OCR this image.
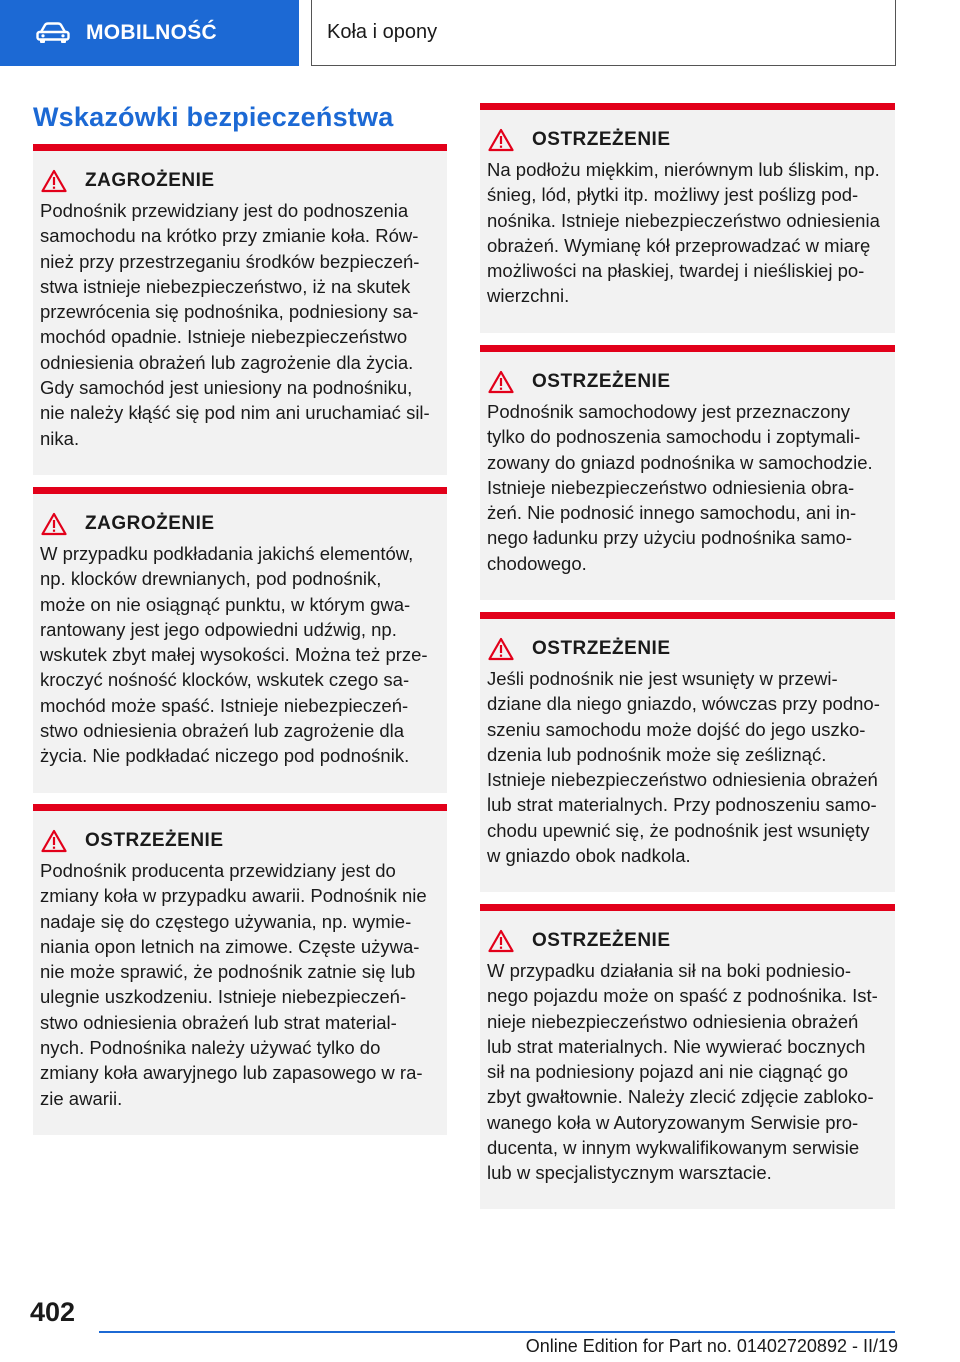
MOBILNOŚĆ	Koła i opony
Wskazówki bezpieczeństwa
ZAGROŻENIE
Podnośnik przewidziany jest do podnoszenia
samochodu na krótko przy zmianie koła. Rów-
nież przy przestrzeganiu środków bezpieczeń-
stwa istnieje niebezpieczeństwo, iż na skutek
przewrócenia się podnośnika, podniesiony sa-
mochód opadnie. Istnieje niebezpieczeństwo
odniesienia obrażeń lub zagrożenie dla życia.
Gdy samochód jest uniesiony na podnośniku,
nie należy kłąść się pod nim ani uruchamiać sil-
nika.
ZAGROŻENIE
W przypadku podkładania jakichś elementów,
np. klocków drewnianych, pod podnośnik,
może on nie osiągnąć punktu, w którym gwa-
rantowany jest jego odpowiedni udźwig, np.
wskutek zbyt małej wysokości. Można też prze-
kroczyć nośność klocków, wskutek czego sa-
mochód może spaść. Istnieje niebezpieczeń-
stwo odniesienia obrażeń lub zagrożenie dla
życia. Nie podkładać niczego pod podnośnik.
OSTRZEŻENIE
Podnośnik producenta przewidziany jest do
zmiany koła w przypadku awarii. Podnośnik nie
nadaje się do częstego używania, np. wymie-
niania opon letnich na zimowe. Częste używa-
nie może sprawić, że podnośnik zatnie się lub
ulegnie uszkodzeniu. Istnieje niebezpieczeń-
stwo odniesienia obrażeń lub strat material-
nych. Podnośnika należy używać tylko do
zmiany koła awaryjnego lub zapasowego w ra-
zie awarii.
OSTRZEŻENIE
Na podłożu miękkim, nierównym lub śliskim, np.
śnieg, lód, płytki itp. możliwy jest poślizg pod-
nośnika. Istnieje niebezpieczeństwo odniesienia
obrażeń. Wymianę kół przeprowadzać w miarę
możliwości na płaskiej, twardej i nieśliskiej po-
wierzchni.
OSTRZEŻENIE
Podnośnik samochodowy jest przeznaczony
tylko do podnoszenia samochodu i zoptymali-
zowany do gniazd podnośnika w samochodzie.
Istnieje niebezpieczeństwo odniesienia obra-
żeń. Nie podnosić innego samochodu, ani in-
nego ładunku przy użyciu podnośnika samo-
chodowego.
OSTRZEŻENIE
Jeśli podnośnik nie jest wsunięty w przewi-
dziane dla niego gniazdo, wówczas przy podno-
szeniu samochodu może dojść do jego uszko-
dzenia lub podnośnik może się ześliznąć.
Istnieje niebezpieczeństwo odniesienia obrażeń
lub strat materialnych. Przy podnoszeniu samo-
chodu upewnić się, że podnośnik jest wsunięty
w gniazdo obok nadkola.
OSTRZEŻENIE
W przypadku działania sił na boki podniesio-
nego pojazdu może on spaść z podnośnika. Ist-
nieje niebezpieczeństwo odniesienia obrażeń
lub strat materialnych. Nie wywierać bocznych
sił na podniesiony pojazd ani nie ciągnąć go
zbyt gwałtownie. Należy zlecić zdjęcie zabloko-
wanego koła w Autoryzowanym Serwisie pro-
ducenta, w innym wykwalifikowanym serwisie
lub w specjalistycznym warsztacie.
402
Online Edition for Part no. 01402720892 - II/19
